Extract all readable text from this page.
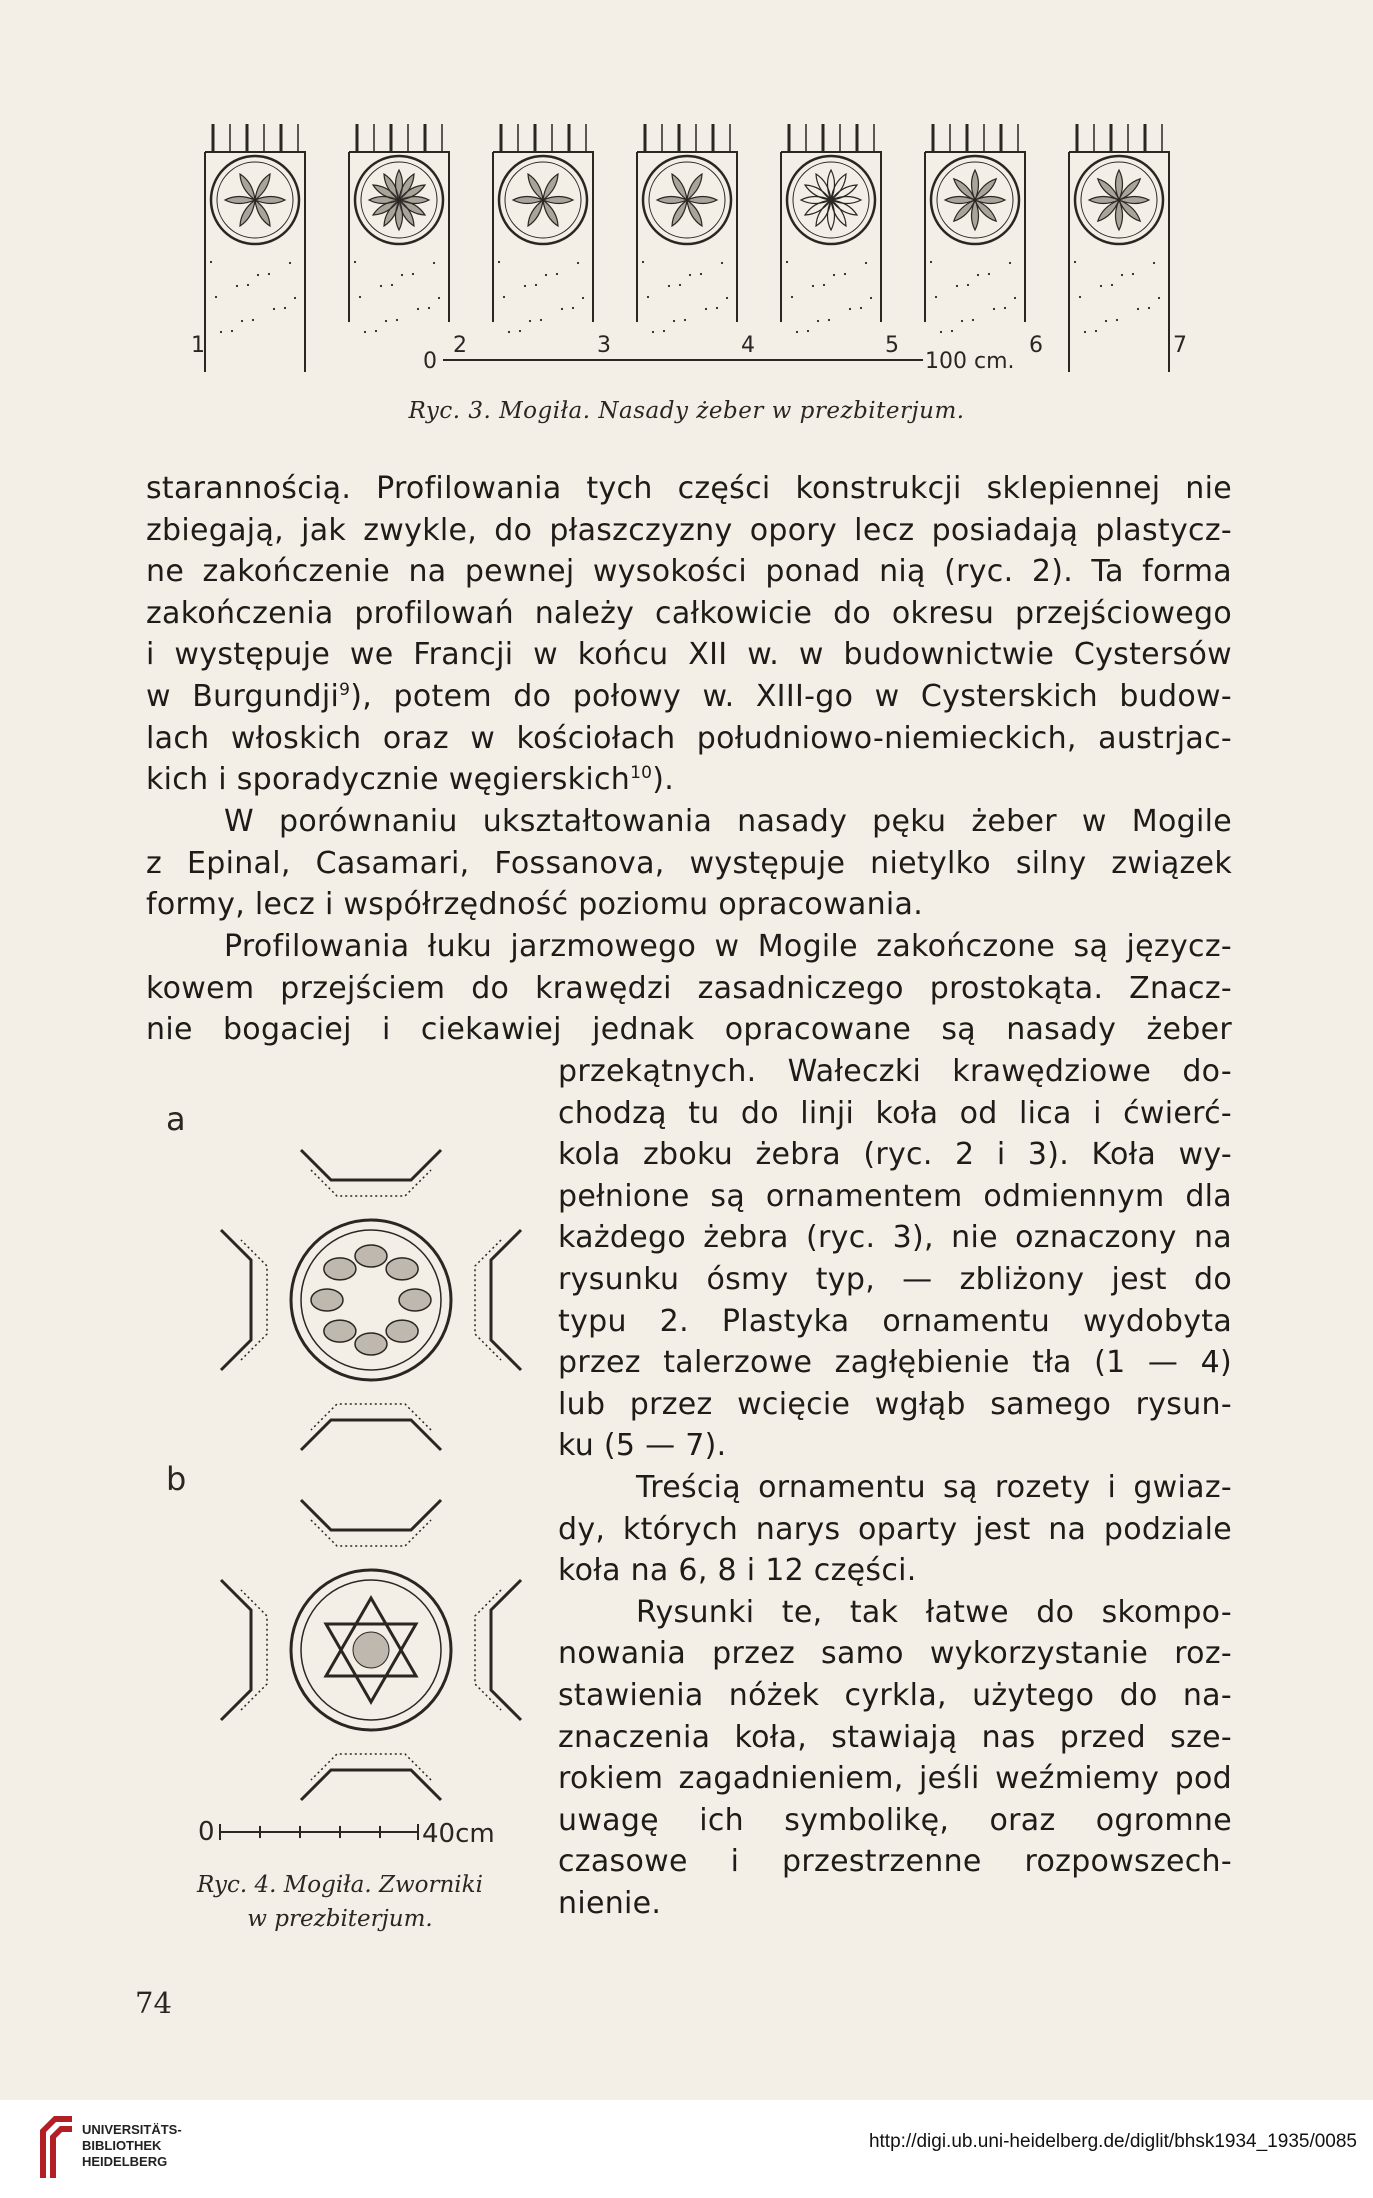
1	2	3	4	5	6	7
0	100 cm.
Ryc. 3. Mogiła. Nasady żeber w prezbiterjum.
starannością. Profilowania tych części konstrukcji sklepiennej nie
zbiegają, jak zwykle, do płaszczyzny opory lecz posiadają plastycz-
ne zakończenie na pewnej wysokości ponad nią (ryc. 2). Ta forma
zakończenia profilowań należy całkowicie do okresu przejściowego
i występuje we Francji w końcu XII w. w budownictwie Cystersów
w Burgundji$^9$), potem do połowy w. XIII-go w Cysterskich budow-
lach włoskich oraz w kościołach południowo-niemieckich, austrjac-
kich i sporadycznie węgierskich$^{10}$).
W porównaniu ukształtowania nasady pęku żeber w Mogile
z Epinal, Casamari, Fossanova, występuje nietylko silny związek
formy, lecz i współrzędność poziomu opracowania.
Profilowania łuku jarzmowego w Mogile zakończone są języcz-
kowem przejściem do krawędzi zasadniczego prostokąta. Znacz-
nie bogaciej i ciekawiej jednak opracowane są nasady żeber
przekątnych. Wałeczki krawędziowe do-
chodzą tu do linji koła od lica i ćwierć-
kola zboku żebra (ryc. 2 i 3). Koła wy-
pełnione są ornamentem odmiennym dla
każdego żebra (ryc. 3), nie oznaczony na
rysunku ósmy typ, — zbliżony jest do
typu 2. Plastyka ornamentu wydobyta
przez talerzowe zagłębienie tła (1 — 4)
lub przez wcięcie wgłąb samego rysun-
ku (5 — 7).
Treścią ornamentu są rozety i gwiaz-
dy, których narys oparty jest na podziale
koła na 6, 8 i 12 części.
Rysunki te, tak łatwe do skompo-
nowania przez samo wykorzystanie roz-
stawienia nóżek cyrkla, użytego do na-
znaczenia koła, stawiają nas przed sze-
rokiem zagadnieniem, jeśli weźmiemy pod
uwagę ich symbolikę, oraz ogromne
czasowe i przestrzenne rozpowszech-
nienie.
a
b
0	40cm
Ryc. 4. Mogiła. Zworniki
w prezbiterjum.
74
UNIVERSITÄTS-
BIBLIOTHEK
HEIDELBERG
http://digi.ub.uni-heidelberg.de/diglit/bhsk1934_1935/0085
